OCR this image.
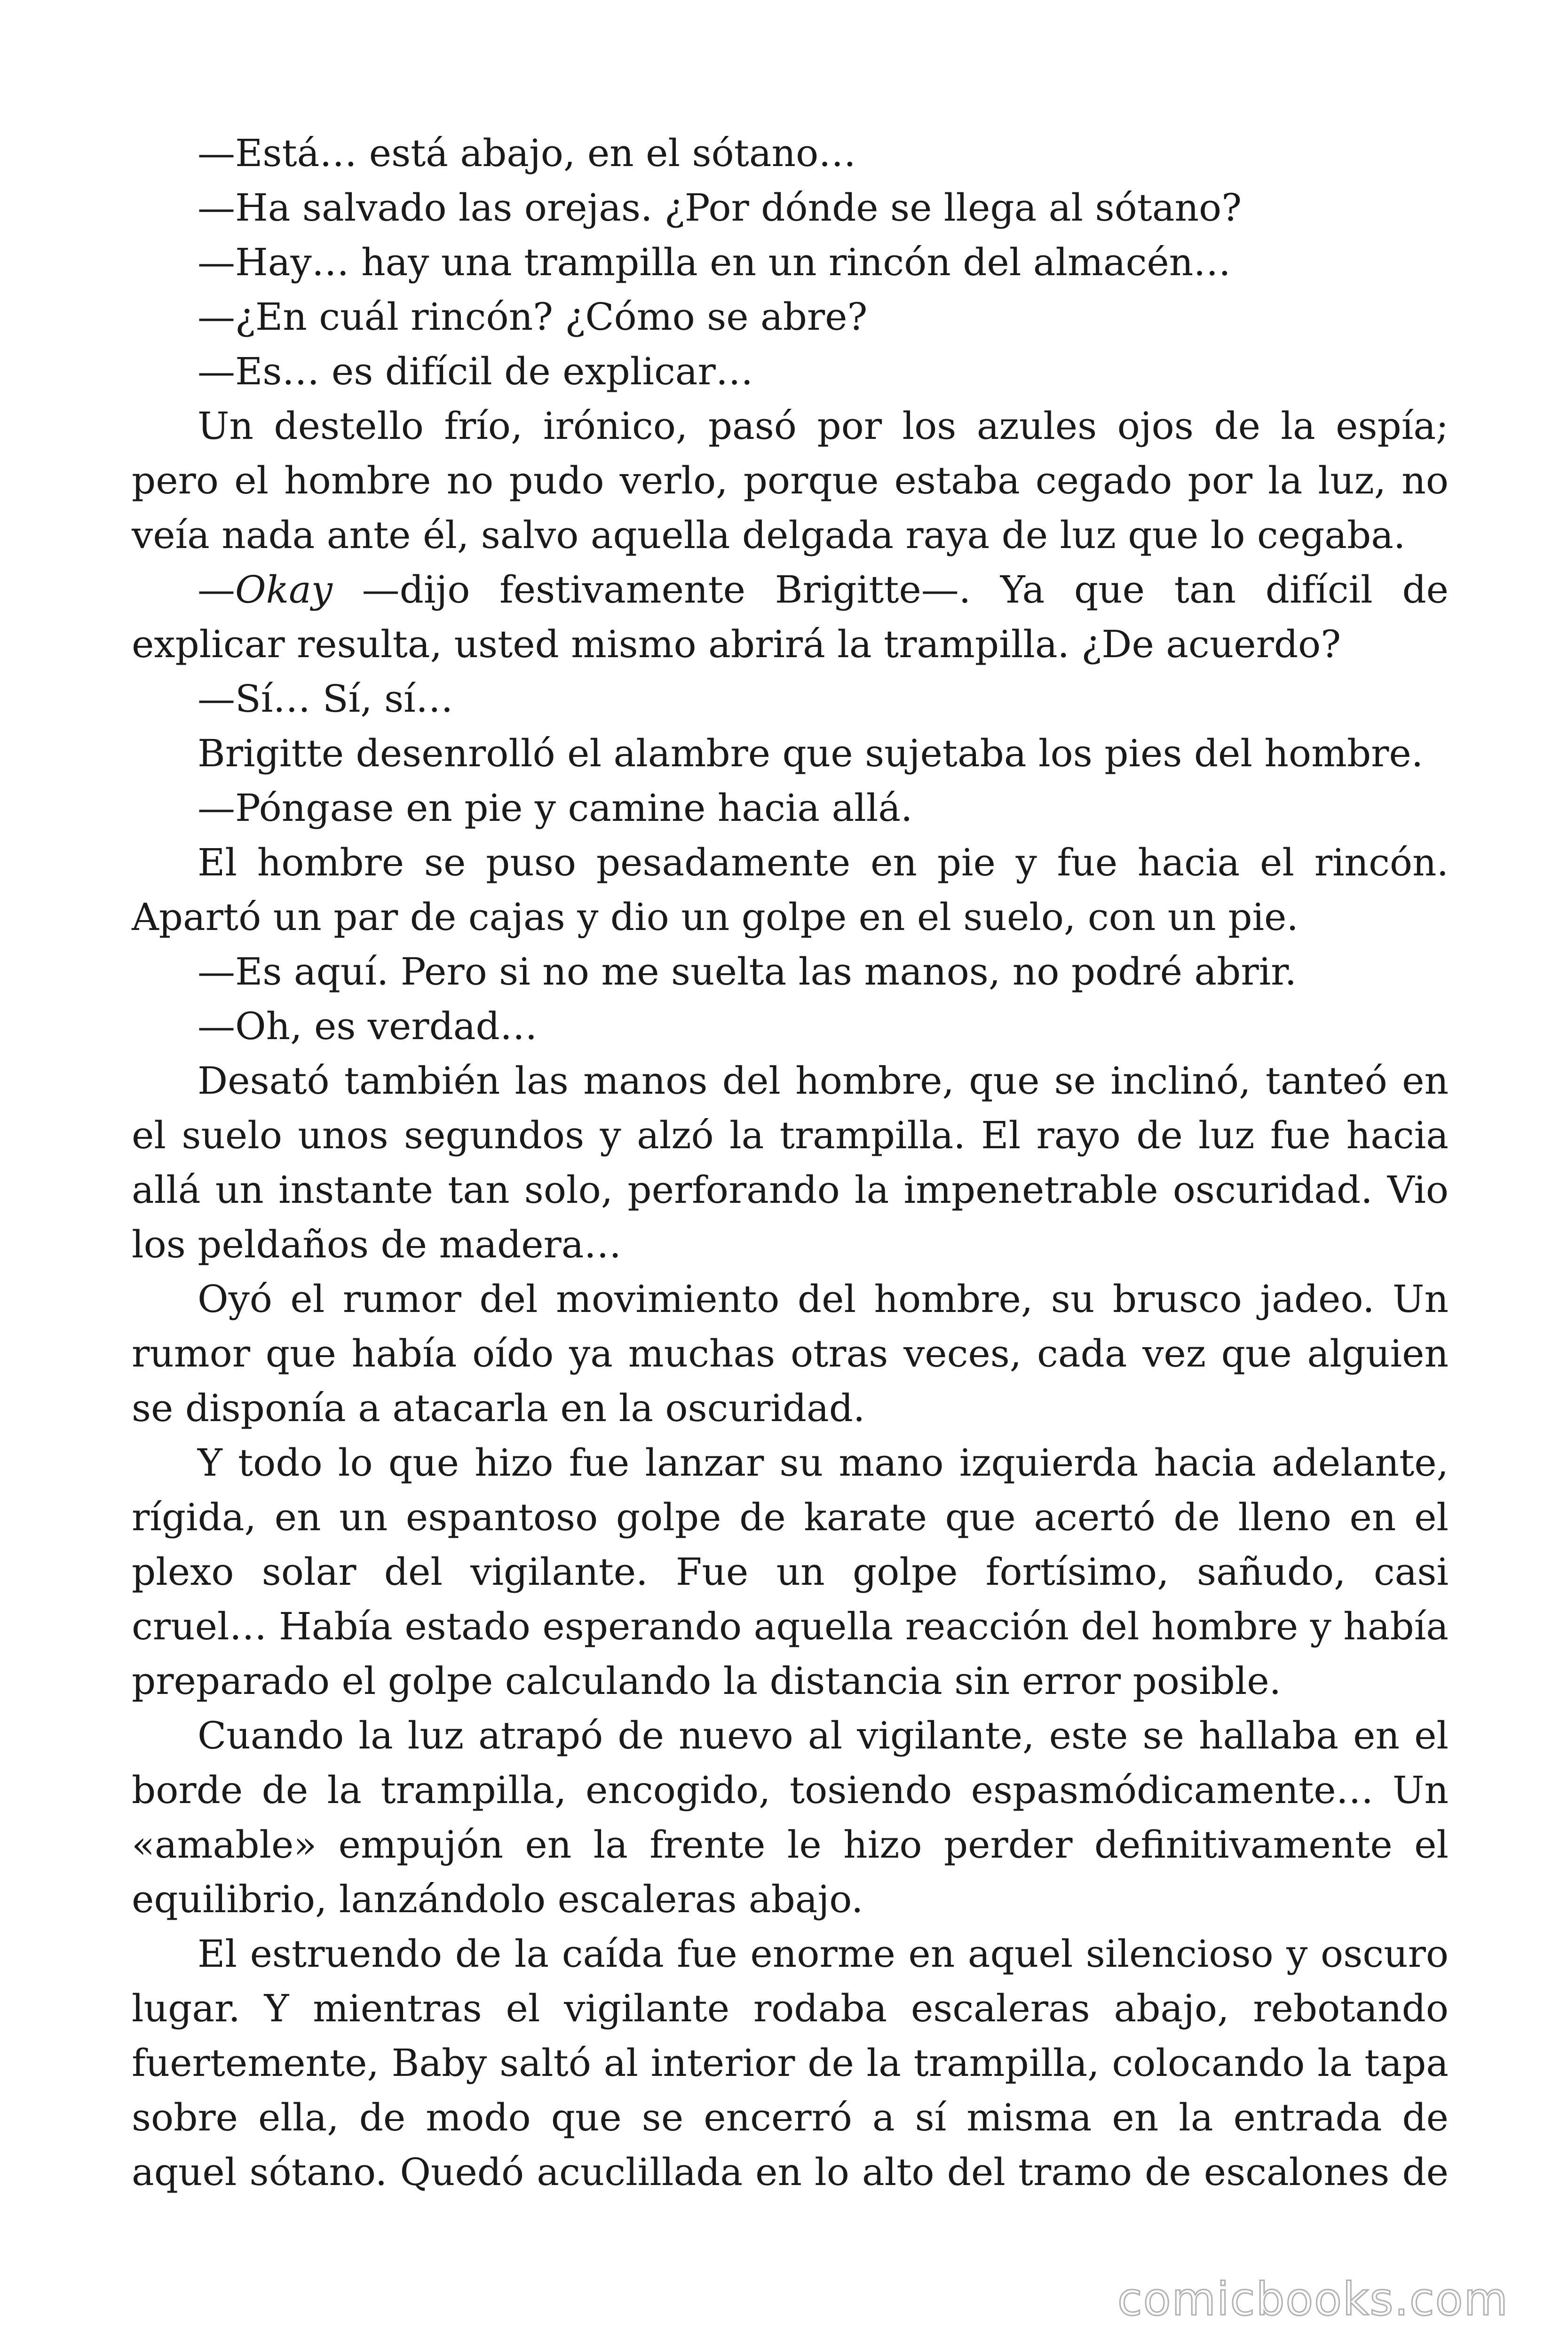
—Está… está abajo, en el sótano…

—Ha salvado las orejas. ¿Por dónde se llega al sótano?

—Hay… hay una trampilla en un rincón del almacén…

—¿En cuál rincón? ¿Cómo se abre?

—Es… es difícil de explicar…

Un destello frío, irónico, pasó por los azules ojos de la espía; pero el hombre no pudo verlo, porque estaba cegado por la luz, no veía nada ante él, salvo aquella delgada raya de luz que lo cegaba.

—Okay —dijo festivamente Brigitte—. Ya que tan difícil de explicar resulta, usted mismo abrirá la trampilla. ¿De acuerdo?

—Sí… Sí, sí…

Brigitte desenrolló el alambre que sujetaba los pies del hombre.

—Póngase en pie y camine hacia allá.

El hombre se puso pesadamente en pie y fue hacia el rincón. Apartó un par de cajas y dio un golpe en el suelo, con un pie.

—Es aquí. Pero si no me suelta las manos, no podré abrir.

—Oh, es verdad…

Desató también las manos del hombre, que se inclinó, tanteó en el suelo unos segundos y alzó la trampilla. El rayo de luz fue hacia allá un instante tan solo, perforando la impenetrable oscuridad. Vio los peldaños de madera…

Oyó el rumor del movimiento del hombre, su brusco jadeo. Un rumor que había oído ya muchas otras veces, cada vez que alguien se disponía a atacarla en la oscuridad.

Y todo lo que hizo fue lanzar su mano izquierda hacia adelante, rígida, en un espantoso golpe de karate que acertó de lleno en el plexo solar del vigilante. Fue un golpe fortísimo, sañudo, casi cruel… Había estado esperando aquella reacción del hombre y había preparado el golpe calculando la distancia sin error posible.

Cuando la luz atrapó de nuevo al vigilante, este se hallaba en el borde de la trampilla, encogido, tosiendo espasmódicamente… Un «amable» empujón en la frente le hizo perder definitivamente el equilibrio, lanzándolo escaleras abajo.

El estruendo de la caída fue enorme en aquel silencioso y oscuro lugar. Y mientras el vigilante rodaba escaleras abajo, rebotando fuertemente, Baby saltó al interior de la trampilla, colocando la tapa sobre ella, de modo que se encerró a sí misma en la entrada de aquel sótano. Quedó acuclillada en lo alto del tramo de escalones de

comicbooks.com
